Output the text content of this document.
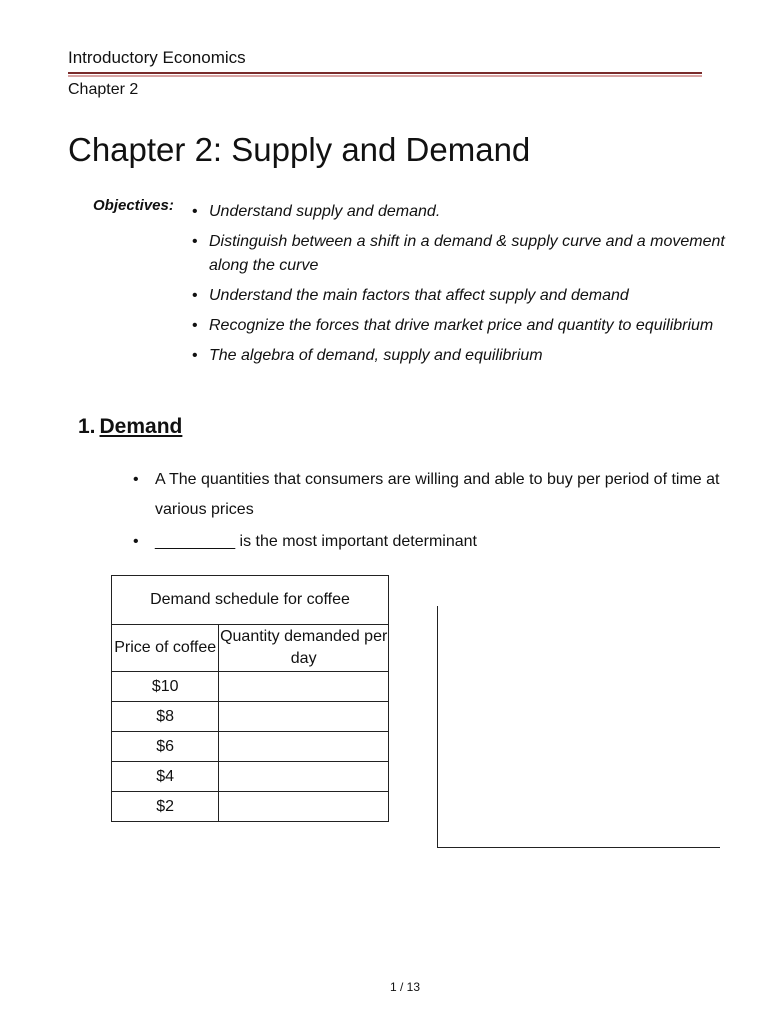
Introductory Economics
Chapter 2
Chapter 2: Supply and Demand
Objectives:	• Understand supply and demand.
• Distinguish between a shift in a demand & supply curve and a movement along the curve
• Understand the main factors that affect supply and demand
• Recognize the forces that drive market price and quantity to equilibrium
• The algebra of demand, supply and equilibrium
1. Demand
• A The quantities that consumers are willing and able to buy per period of time at various prices
• _________ is the most important determinant
Demand schedule for coffee	
Price of coffee	Quantity demanded per day
$10	
$8	
$6	
$4	
$2	
1 / 13
